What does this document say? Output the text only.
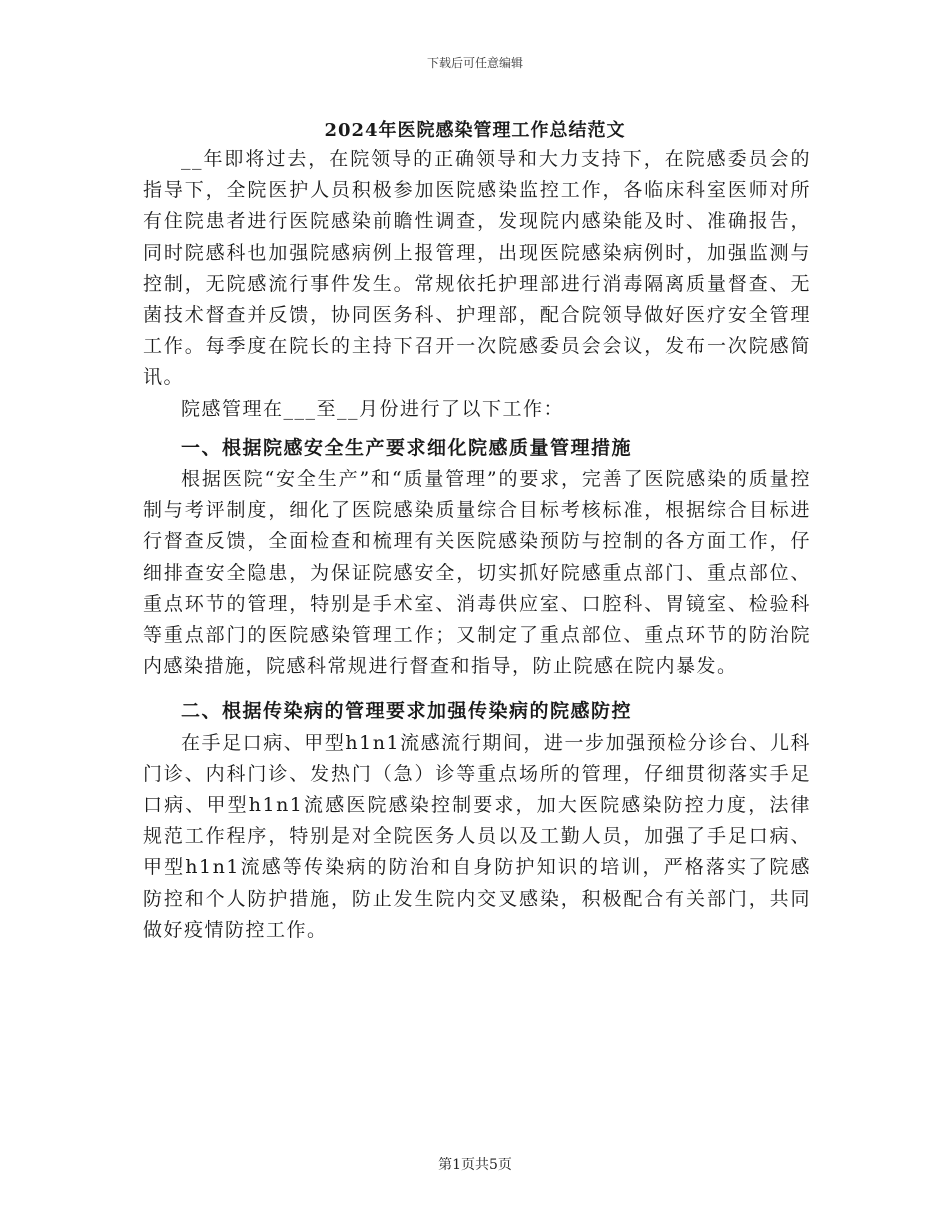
下载后可任意编辑
2024年医院感染管理工作总结范文

__年即将过去，在院领导的正确领导和大力支持下，在院感委员会的指导下，全院医护人员积极参加医院感染监控工作，各临床科室医师对所有住院患者进行医院感染前瞻性调查，发现院内感染能及时、准确报告，同时院感科也加强院感病例上报管理，出现医院感染病例时，加强监测与控制，无院感流行事件发生。常规依托护理部进行消毒隔离质量督查、无菌技术督查并反馈，协同医务科、护理部，配合院领导做好医疗安全管理工作。每季度在院长的主持下召开一次院感委员会会议，发布一次院感简讯。

院感管理在___至__月份进行了以下工作：

一、根据院感安全生产要求细化院感质量管理措施

根据医院“安全生产”和“质量管理”的要求，完善了医院感染的质量控制与考评制度，细化了医院感染质量综合目标考核标准，根据综合目标进行督查反馈，全面检查和梳理有关医院感染预防与控制的各方面工作，仔细排查安全隐患，为保证院感安全，切实抓好院感重点部门、重点部位、重点环节的管理，特别是手术室、消毒供应室、口腔科、胃镜室、检验科等重点部门的医院感染管理工作；又制定了重点部位、重点环节的防治院内感染措施，院感科常规进行督查和指导，防止院感在院内暴发。

二、根据传染病的管理要求加强传染病的院感防控

在手足口病、甲型h1n1流感流行期间，进一步加强预检分诊台、儿科门诊、内科门诊、发热门（急）诊等重点场所的管理，仔细贯彻落实手足口病、甲型h1n1流感医院感染控制要求，加大医院感染防控力度，法律规范工作程序，特别是对全院医务人员以及工勤人员，加强了手足口病、甲型h1n1流感等传染病的防治和自身防护知识的培训，严格落实了院感防控和个人防护措施，防止发生院内交叉感染，积极配合有关部门，共同做好疫情防控工作。

第1页共5页
